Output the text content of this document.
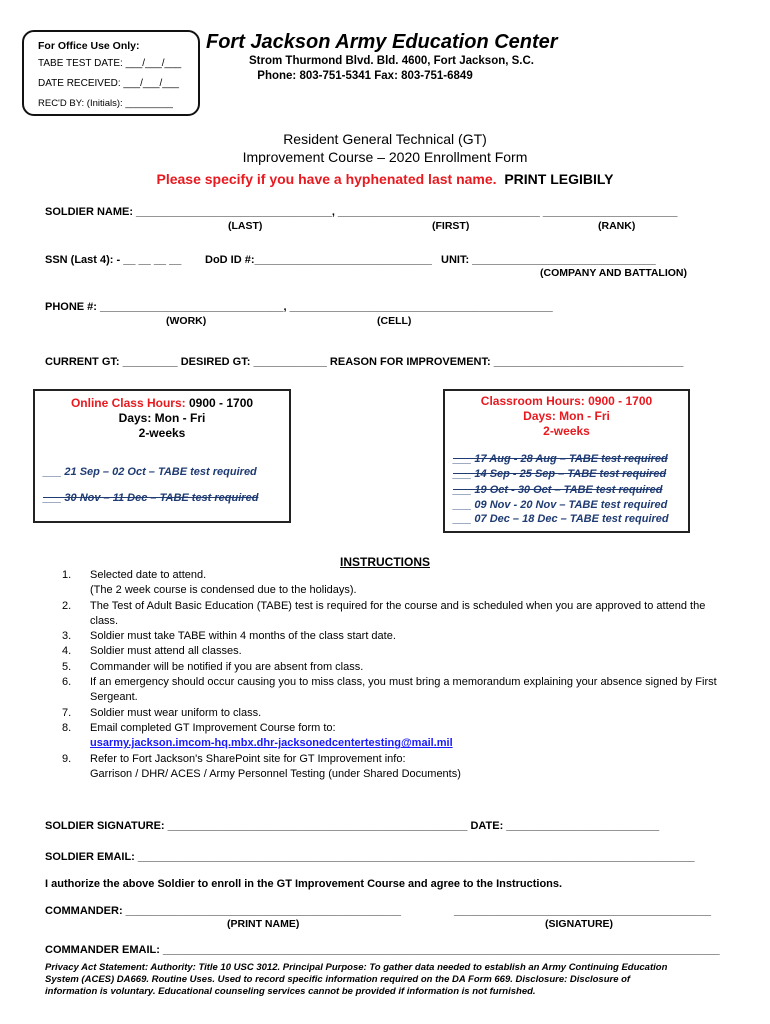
For Office Use Only:
TABE TEST DATE: ___/___/___
DATE RECEIVED: ___/___/___
REC'D BY: (Initials): _________
Fort Jackson Army Education Center
Strom Thurmond Blvd. Bld. 4600, Fort Jackson, S.C.
Phone: 803-751-5341 Fax: 803-751-6849
Resident General Technical (GT)
Improvement Course – 2020 Enrollment Form
Please specify if you have a hyphenated last name. PRINT LEGIBILY
SOLDIER NAME: ________________________________, _________________________________ ______________________
(LAST)	(FIRST)	(RANK)
SSN (Last 4): - __ __ __ __ DoD ID #:_____________________________ UNIT: ______________________________
(COMPANY AND BATTALION)
PHONE #: ______________________________, ___________________________________________
(WORK)	(CELL)
CURRENT GT: _________ DESIRED GT: ____________ REASON FOR IMPROVEMENT: _______________________________
Online Class Hours: 0900 - 1700
Days: Mon - Fri
2-weeks
___ 21 Sep – 02 Oct – TABE test required
___ 30 Nov – 11 Dec – TABE test required
Classroom Hours: 0900 - 1700
Days: Mon - Fri
2-weeks
___ 17 Aug - 28 Aug – TABE test required
___ 14 Sep - 25 Sep – TABE test required
___ 19 Oct - 30 Oct – TABE test required
___ 09 Nov - 20 Nov – TABE test required
___ 07 Dec – 18 Dec – TABE test required
INSTRUCTIONS
1.	Selected date to attend.
(The 2 week course is condensed due to the holidays).
2.	The Test of Adult Basic Education (TABE) test is required for the course and is scheduled when you are approved to attend the class.
3.	Soldier must take TABE within 4 months of the class start date.
4.	Soldier must attend all classes.
5.	Commander will be notified if you are absent from class.
6.	If an emergency should occur causing you to miss class, you must bring a memorandum explaining your absence signed by First Sergeant.
7.	Soldier must wear uniform to class.
8.	Email completed GT Improvement Course form to:
usarmy.jackson.imcom-hq.mbx.dhr-jacksonedcentertesting@mail.mil
9.	Refer to Fort Jackson's SharePoint site for GT Improvement info:
Garrison / DHR/ ACES / Army Personnel Testing (under Shared Documents)
SOLDIER SIGNATURE: _________________________________________________ DATE: _________________________
SOLDIER EMAIL: ___________________________________________________________________________________________
I authorize the above Soldier to enroll in the GT Improvement Course and agree to the Instructions.
COMMANDER: _____________________________________________	__________________________________________
(PRINT NAME)	(SIGNATURE)
COMMANDER EMAIL: ___________________________________________________________________________________________
Privacy Act Statement: Authority: Title 10 USC 3012. Principal Purpose: To gather data needed to establish an Army Continuing Education
System (ACES) DA669. Routine Uses. Used to record specific information required on the DA Form 669. Disclosure: Disclosure of
information is voluntary. Educational counseling services cannot be provided if information is not furnished.
